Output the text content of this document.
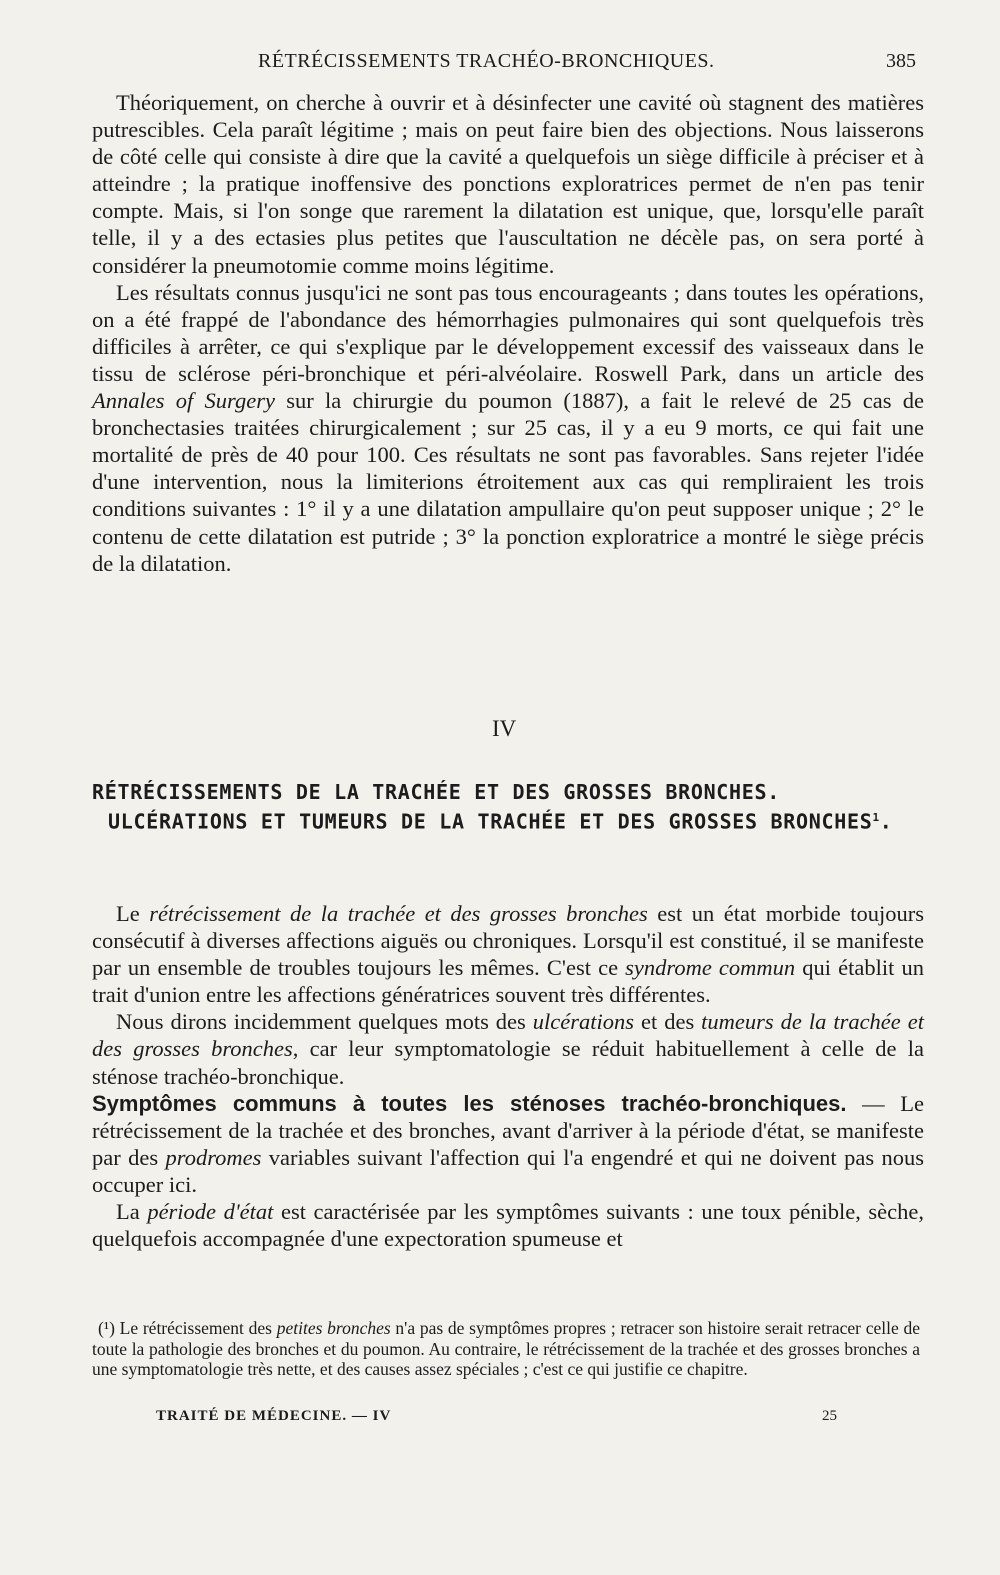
RÉTRÉCISSEMENTS TRACHÉO-BRONCHIQUES.	385

Théoriquement, on cherche à ouvrir et à désinfecter une cavité où stagnent des matières putrescibles. Cela paraît légitime ; mais on peut faire bien des objections. Nous laisserons de côté celle qui consiste à dire que la cavité a quelquefois un siège difficile à préciser et à atteindre ; la pratique inoffensive des ponctions exploratrices permet de n'en pas tenir compte. Mais, si l'on songe que rarement la dilatation est unique, que, lorsqu'elle paraît telle, il y a des ectasies plus petites que l'auscultation ne décèle pas, on sera porté à considérer la pneumotomie comme moins légitime.

Les résultats connus jusqu'ici ne sont pas tous encourageants ; dans toutes les opérations, on a été frappé de l'abondance des hémorrhagies pulmonaires qui sont quelquefois très difficiles à arrêter, ce qui s'explique par le développement excessif des vaisseaux dans le tissu de sclérose péri-bronchique et péri-alvéolaire. Roswell Park, dans un article des Annales of Surgery sur la chirurgie du poumon (1887), a fait le relevé de 25 cas de bronchectasies traitées chirurgicalement ; sur 25 cas, il y a eu 9 morts, ce qui fait une mortalité de près de 40 pour 100. Ces résultats ne sont pas favorables. Sans rejeter l'idée d'une intervention, nous la limiterions étroitement aux cas qui rempliraient les trois conditions suivantes : 1° il y a une dilatation ampullaire qu'on peut supposer unique ; 2° le contenu de cette dilatation est putride ; 3° la ponction exploratrice a montré le siège précis de la dilatation.

IV
RÉTRÉCISSEMENTS DE LA TRACHÉE ET DES GROSSES BRONCHES.
ULCÉRATIONS ET TUMEURS DE LA TRACHÉE ET DES GROSSES BRONCHES$^1$.

Le rétrécissement de la trachée et des grosses bronches est un état morbide toujours consécutif à diverses affections aiguës ou chroniques. Lorsqu'il est constitué, il se manifeste par un ensemble de troubles toujours les mêmes. C'est ce syndrome commun qui établit un trait d'union entre les affections génératrices souvent très différentes.

Nous dirons incidemment quelques mots des ulcérations et des tumeurs de la trachée et des grosses bronches, car leur symptomatologie se réduit habituellement à celle de la sténose trachéo-bronchique.

Symptômes communs à toutes les sténoses trachéo-bronchiques. — Le rétrécissement de la trachée et des bronches, avant d'arriver à la période d'état, se manifeste par des prodromes variables suivant l'affection qui l'a engendré et qui ne doivent pas nous occuper ici.

La période d'état est caractérisée par les symptômes suivants : une toux pénible, sèche, quelquefois accompagnée d'une expectoration spumeuse et

(¹) Le rétrécissement des petites bronches n'a pas de symptômes propres ; retracer son histoire serait retracer celle de toute la pathologie des bronches et du poumon. Au contraire, le rétrécissement de la trachée et des grosses bronches a une symptomatologie très nette, et des causes assez spéciales ; c'est ce qui justifie ce chapitre.

TRAITÉ DE MÉDECINE. — IV	25
